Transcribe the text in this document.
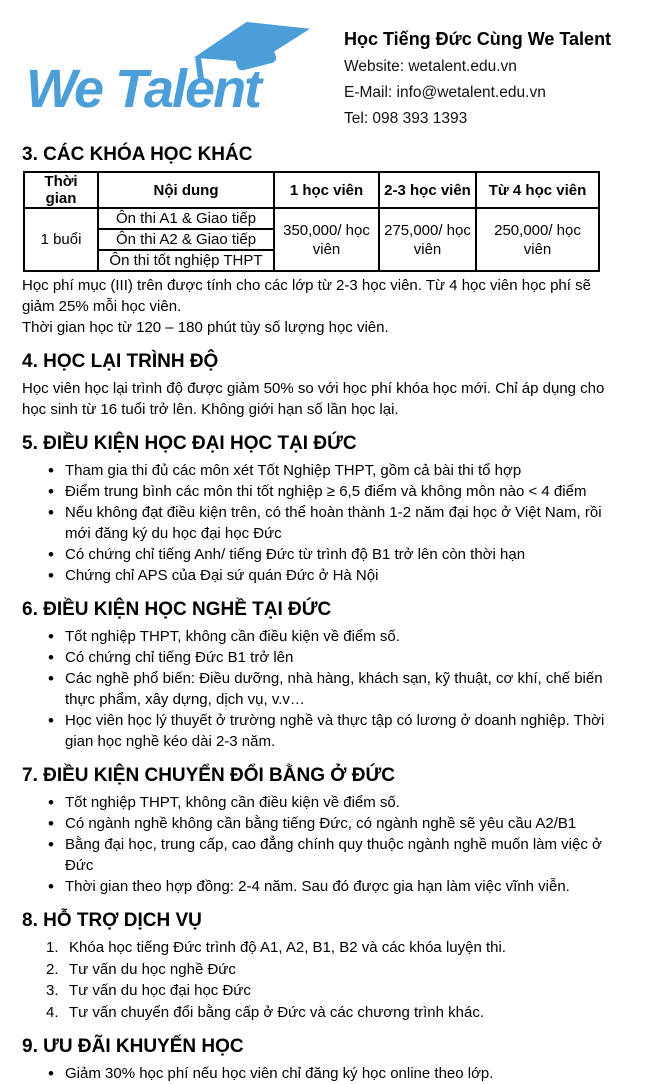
We Talent
Học Tiếng Đức Cùng We Talent
Website: wetalent.edu.vn
E-Mail: info@wetalent.edu.vn
Tel: 098 393 1393
3. CÁC KHÓA HỌC KHÁC
Thời gian	Nội dung	1 học viên	2-3 học viên	Từ 4 học viên
1 buổi	Ôn thi A1 & Giao tiếp	350,000/ học viên	275,000/ học viên	250,000/ học viên
	Ôn thi A2 & Giao tiếp			
	Ôn thi tốt nghiệp THPT			
Học phí mục (III) trên được tính cho các lớp từ 2-3 học viên. Từ 4 học viên học phí sẽ giảm 25% mỗi học viên.
Thời gian học từ 120 – 180 phút tùy số lượng học viên.
4. HỌC LẠI TRÌNH ĐỘ
Học viên học lại trình độ được giảm 50% so với học phí khóa học mới. Chỉ áp dụng cho học sinh từ 16 tuổi trở lên. Không giới hạn số lần học lại.
5. ĐIỀU KIỆN HỌC ĐẠI HỌC TẠI ĐỨC
• Tham gia thi đủ các môn xét Tốt Nghiệp THPT, gồm cả bài thi tổ hợp
• Điểm trung bình các môn thi tốt nghiệp ≥ 6,5 điểm và không môn nào < 4 điểm
• Nếu không đạt điều kiện trên, có thể hoàn thành 1-2 năm đại học ở Việt Nam, rồi mới đăng ký du học đại học Đức
• Có chứng chỉ tiếng Anh/ tiếng Đức từ trình độ B1 trở lên còn thời hạn
• Chứng chỉ APS của Đại sứ quán Đức ở Hà Nội
6. ĐIỀU KIỆN HỌC NGHỀ TẠI ĐỨC
• Tốt nghiệp THPT, không cần điều kiện về điểm số.
• Có chứng chỉ tiếng Đức B1 trở lên
• Các nghề phổ biến: Điều dưỡng, nhà hàng, khách sạn, kỹ thuật, cơ khí, chế biến thực phẩm, xây dựng, dịch vụ, v.v…
• Học viên học lý thuyết ở trường nghề và thực tập có lương ở doanh nghiệp. Thời gian học nghề kéo dài 2-3 năm.
7. ĐIỀU KIỆN CHUYỂN ĐỔI BẰNG Ở ĐỨC
• Tốt nghiệp THPT, không cần điều kiện về điểm số.
• Có ngành nghề không cần bằng tiếng Đức, có ngành nghề sẽ yêu cầu A2/B1
• Bằng đại học, trung cấp, cao đẳng chính quy thuộc ngành nghề muốn làm việc ở Đức
• Thời gian theo hợp đồng: 2-4 năm. Sau đó được gia hạn làm việc vĩnh viễn.
8. HỖ TRỢ DỊCH VỤ
1. Khóa học tiếng Đức trình độ A1, A2, B1, B2 và các khóa luyện thi.
2. Tư vấn du học nghề Đức
3. Tư vấn du học đại học Đức
4. Tư vấn chuyển đổi bằng cấp ở Đức và các chương trình khác.
9. ƯU ĐÃI KHUYẾN HỌC
• Giảm 30% học phí nếu học viên chỉ đăng ký học online theo lớp.
